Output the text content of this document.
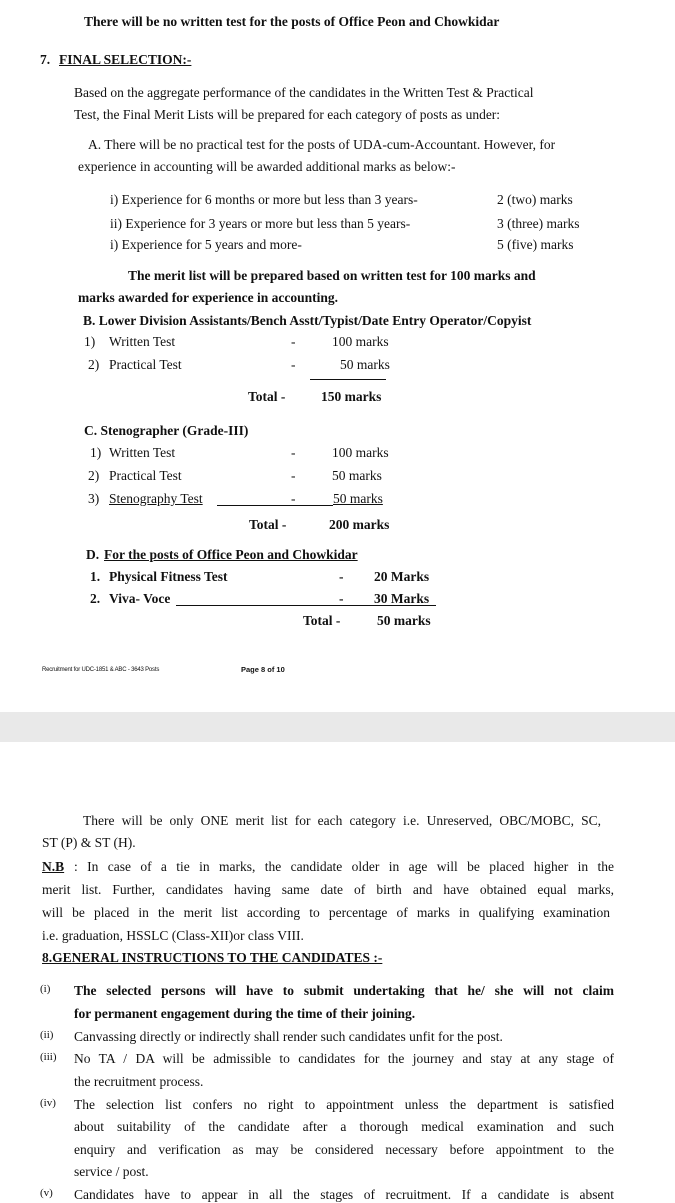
There will be no written test for the posts of Office Peon and Chowkidar
7. FINAL SELECTION:-
Based on the aggregate performance of the candidates in the Written Test & Practical
Test, the Final Merit Lists will be prepared for each category of posts as under:
A. There will be no practical test for the posts of UDA-cum-Accountant. However, for
experience in accounting will be awarded additional marks as below:-
i) Experience for 6 months or more but less than 3 years-	2 (two) marks
ii) Experience for 3 years or more but less than 5 years-	3 (three) marks
i) Experience for 5 years and more-	5 (five) marks
The merit list will be prepared based on written test for 100 marks and
marks awarded for experience in accounting.
B. Lower Division Assistants/Bench Asstt/Typist/Date Entry Operator/Copyist
1) Written Test	-	100 marks
2) Practical Test	-	50 marks
Total -	150 marks
C. Stenographer (Grade-III)
1) Written Test	-	100 marks
2) Practical Test	-	50 marks
3) Stenography Test	-	50 marks
Total -	200 marks
D. For the posts of Office Peon and Chowkidar
1. Physical Fitness Test	- 20 Marks
2. Viva- Voce	- 30 Marks
Total -	50 marks
Recruitment for UDC-1851 & ABC - 3643 Posts	Page 8 of 10
There will be only ONE merit list for each category i.e. Unreserved, OBC/MOBC, SC,
ST (P) & ST (H).
N.B : In case of a tie in marks, the candidate older in age will be placed higher in the
merit list. Further, candidates having same date of birth and have obtained equal marks,
will be placed in the merit list according to percentage of marks in qualifying examination
i.e. graduation, HSSLC (Class-XII)or class VIII.
8.GENERAL INSTRUCTIONS TO THE CANDIDATES :-
(i) The selected persons will have to submit undertaking that he/ she will not claim
for permanent engagement during the time of their joining.
(ii) Canvassing directly or indirectly shall render such candidates unfit for the post.
(iii) No TA / DA will be admissible to candidates for the journey and stay at any stage of
the recruitment process.
(iv) The selection list confers no right to appointment unless the department is satisfied
about suitability of the candidate after a thorough medical examination and such
enquiry and verification as may be considered necessary before appointment to the
service / post.
(v) Candidates have to appear in all the stages of recruitment. If a candidate is absent
